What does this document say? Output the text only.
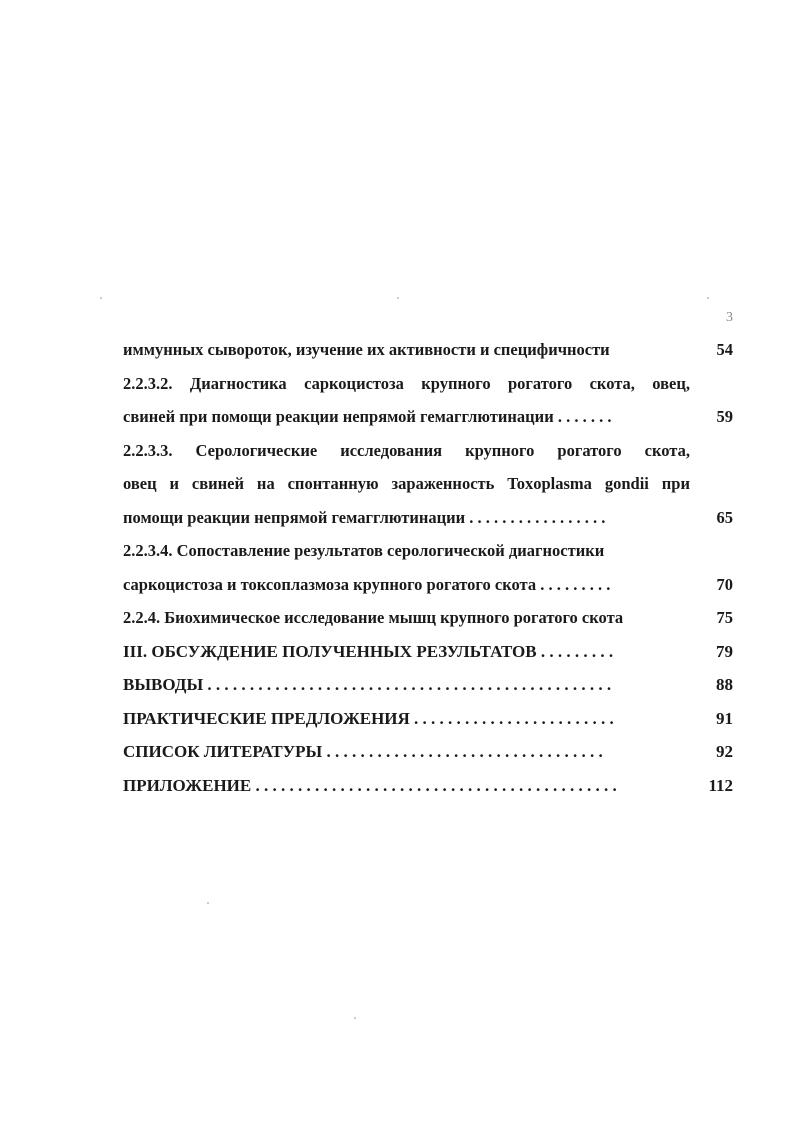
3
иммунных сывороток, изучение их активности и специфичности	54
2.2.3.2. Диагностика саркоцистоза крупного рогатого скота, овец,
свиней при помощи реакции непрямой гемагглютинации . . . . . . .	59
2.2.3.3. Серологические исследования крупного рогатого скота,
овец и свиней на спонтанную зараженность Toxoplasma gondii при
помощи реакции непрямой гемагглютинации . . . . . . . . . . . . . . . . .	65
2.2.3.4. Сопоставление результатов серологической диагностики
саркоцистоза и токсоплазмоза крупного рогатого скота . . . . . . . . .	70
2.2.4. Биохимическое исследование мышц крупного рогатого скота	75
III. ОБСУЖДЕНИЕ ПОЛУЧЕННЫХ РЕЗУЛЬТАТОВ . . . . . . . . .	79
ВЫВОДЫ . . . . . . . . . . . . . . . . . . . . . . . . . . . . . . . . . . . . . . . . . . . . . . . .	88
ПРАКТИЧЕСКИЕ ПРЕДЛОЖЕНИЯ . . . . . . . . . . . . . . . . . . . . . . . .	91
СПИСОК ЛИТЕРАТУРЫ . . . . . . . . . . . . . . . . . . . . . . . . . . . . . . . . .	92
ПРИЛОЖЕНИЕ . . . . . . . . . . . . . . . . . . . . . . . . . . . . . . . . . . . . . . . . . . .	112
